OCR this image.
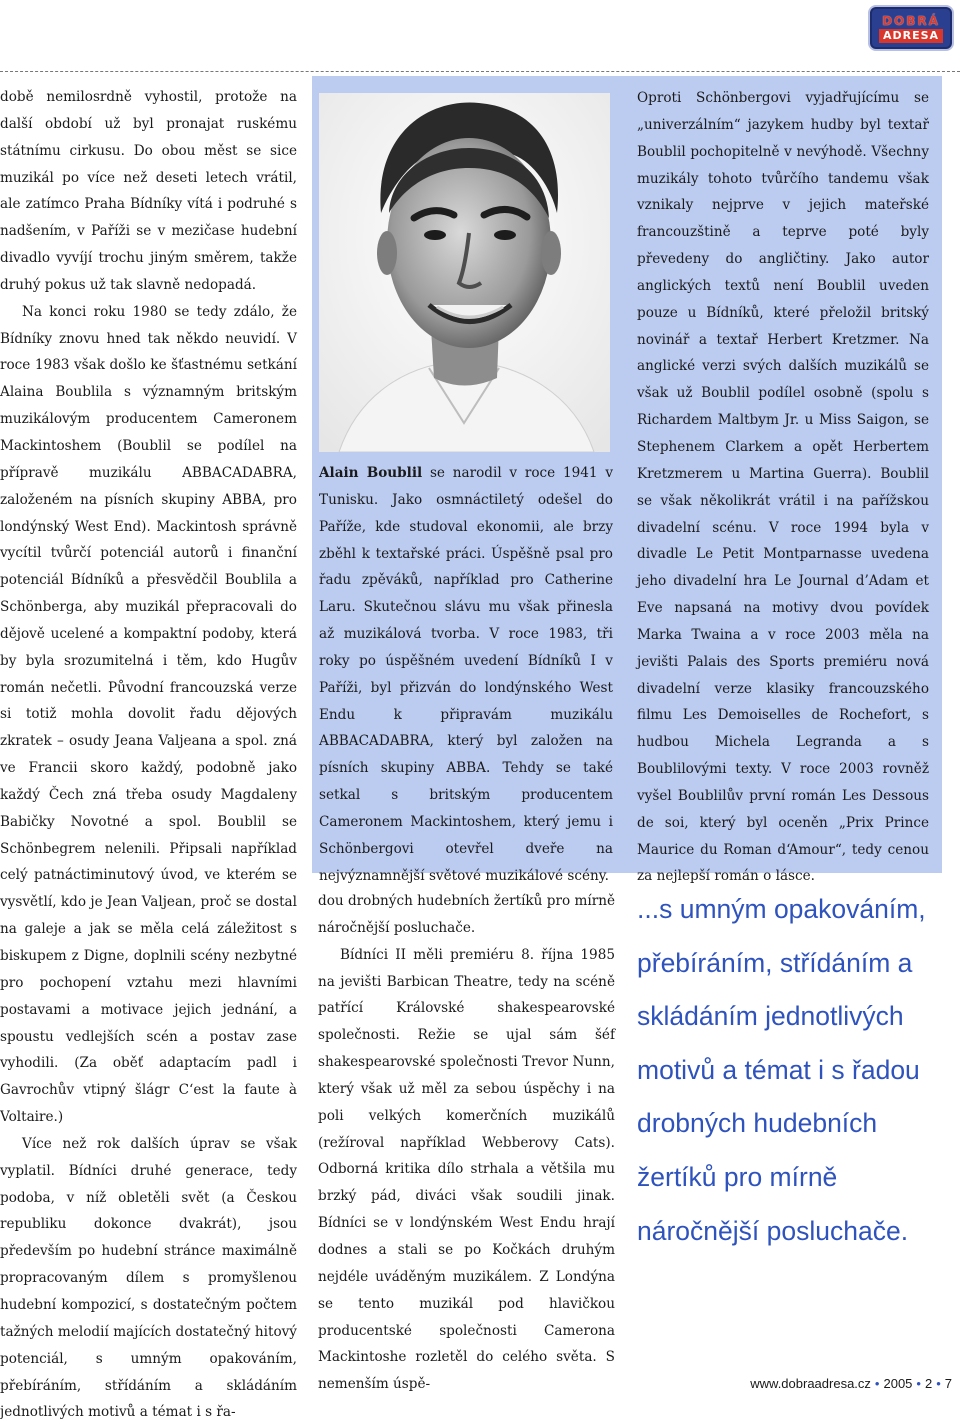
DOBRÁ
ADRESA

době nemilosrdně vyhostil, protože na další období už byl pronajat ruskému státnímu cirkusu. Do obou měst se sice muzikál po více než deseti letech vrátil, ale zatímco Praha Bídníky vítá i podruhé s nadšením, v Paříži se v mezičase hudební divadlo vyvíjí trochu jiným směrem, takže druhý pokus už tak slavně nedopadá.

Na konci roku 1980 se tedy zdálo, že Bídníky znovu hned tak někdo neuvidí. V roce 1983 však došlo ke šťastnému setkání Alaina Boublila s významným britským muzikálovým producentem Cameronem Mackintoshem (Boublil se podílel na přípravě muzikálu ABBACADABRA, založeném na písních skupiny ABBA, pro londýnský West End). Mackintosh správně vycítil tvůrčí potenciál autorů i finanční potenciál Bídníků a přesvědčil Boublila a Schönberga, aby muzikál přepracovali do dějově ucelené a kompaktní podoby, která by byla srozumitelná i těm, kdo Hugův román nečetli. Původní francouzská verze si totiž mohla dovolit řadu dějových zkratek – osudy Jeana Valjeana a spol. zná ve Francii skoro každý, podobně jako každý Čech zná třeba osudy Magdaleny Babičky Novotné a spol. Boublil se Schönbegrem nelenili. Připsali například celý patnáctiminutový úvod, ve kterém se vysvětlí, kdo je Jean Valjean, proč se dostal na galeje a jak se měla celá záležitost s biskupem z Digne, doplnili scény nezbytné pro pochopení vztahu mezi hlavními postavami a motivace jejich jednání, a spoustu vedlejších scén a postav zase vyhodili. (Za oběť adaptacím padl i Gavrochův vtipný šlágr C‘est la faute à Voltaire.)

Více než rok dalších úprav se však vyplatil. Bídníci druhé generace, tedy podoba, v níž obletěli svět (a Českou republiku dokonce dvakrát), jsou především po hudební stránce maximálně propracovaným dílem s promyšlenou hudební kompozicí, s dostatečným počtem tažných melodií majících dostatečný hitový potenciál, s umným opakováním, přebíráním, střídáním a skládáním jednotlivých motivů a témat i s řa-

Alain Boublil se narodil v roce 1941 v Tunisku. Jako osmnáctiletý odešel do Paříže, kde studoval ekonomii, ale brzy zběhl k textařské práci. Úspěšně psal pro řadu zpěváků, například pro Catherine Laru. Skutečnou slávu mu však přinesla až muzikálová tvorba. V roce 1983, tři roky po úspěšném uvedení Bídníků I v Paříži, byl přizván do londýnského West Endu k připravám muzikálu ABBACADABRA, který byl založen na písních skupiny ABBA. Tehdy se také setkal s britským producentem Cameronem Mackintoshem, který jemu i Schönbergovi otevřel dveře na nejvýznamnější světové muzikálové scény.
Oproti Schönbergovi vyjadřujícímu se „univerzálním“ jazykem hudby byl textař Boublil pochopitelně v nevýhodě. Všechny muzikály tohoto tvůrčího tandemu však vznikaly nejprve v jejich mateřské francouzštině a teprve poté byly převedeny do angličtiny. Jako autor anglických textů není Boublil uveden pouze u Bídníků, které přeložil britský novinář a textař Herbert Kretzmer. Na anglické verzi svých dalších muzikálů se však už Boublil podílel osobně (spolu s Richardem Maltbym Jr. u Miss Saigon, se Stephenem Clarkem a opět Herbertem Kretzmerem u Martina Guerra). Boublil se však několikrát vrátil i na pařížskou divadelní scénu. V roce 1994 byla v divadle Le Petit Montparnasse uvedena jeho divadelní hra Le Journal d’Adam et Eve napsaná na motivy dvou povídek Marka Twaina a v roce 2003 měla na jevišti Palais des Sports premiéru nová divadelní verze klasiky francouzského filmu Les Demoiselles de Rochefort, s hudbou Michela Legranda a s Boublilovými texty. V roce 2003 rovněž vyšel Boublilův první román Les Dessous de soi, který byl oceněn „Prix Prince Maurice du Roman d‘Amour“, tedy cenou za nejlepší román o lásce.

dou drobných hudebních žertíků pro mírně náročnější posluchače.

Bídníci II měli premiéru 8. října 1985 na jevišti Barbican Theatre, tedy na scéně patřící Královské shakespearovské společnosti. Režie se ujal sám šéf shakespearovské společnosti Trevor Nunn, který však už měl za sebou úspěchy i na poli velkých komerčních muzikálů (režíroval například Webberovy Cats). Odborná kritika dílo strhala a většila mu brzký pád, diváci však soudili jinak. Bídníci se v londýnském West Endu hrají dodnes a stali se po Kočkách druhým nejdéle uváděným muzikálem. Z Londýna se tento muzikál pod hlavičkou producentské společnosti Camerona Mackintoshe rozletěl do celého světa. S nemenším úspě-

...s umným opakováním, přebíráním, střídáním a skládáním jednotlivých motivů a témat i s řadou drobných hudebních žertíků pro mírně náročnější posluchače.
www.dobraadresa.cz • 2005 • 2 • 7
